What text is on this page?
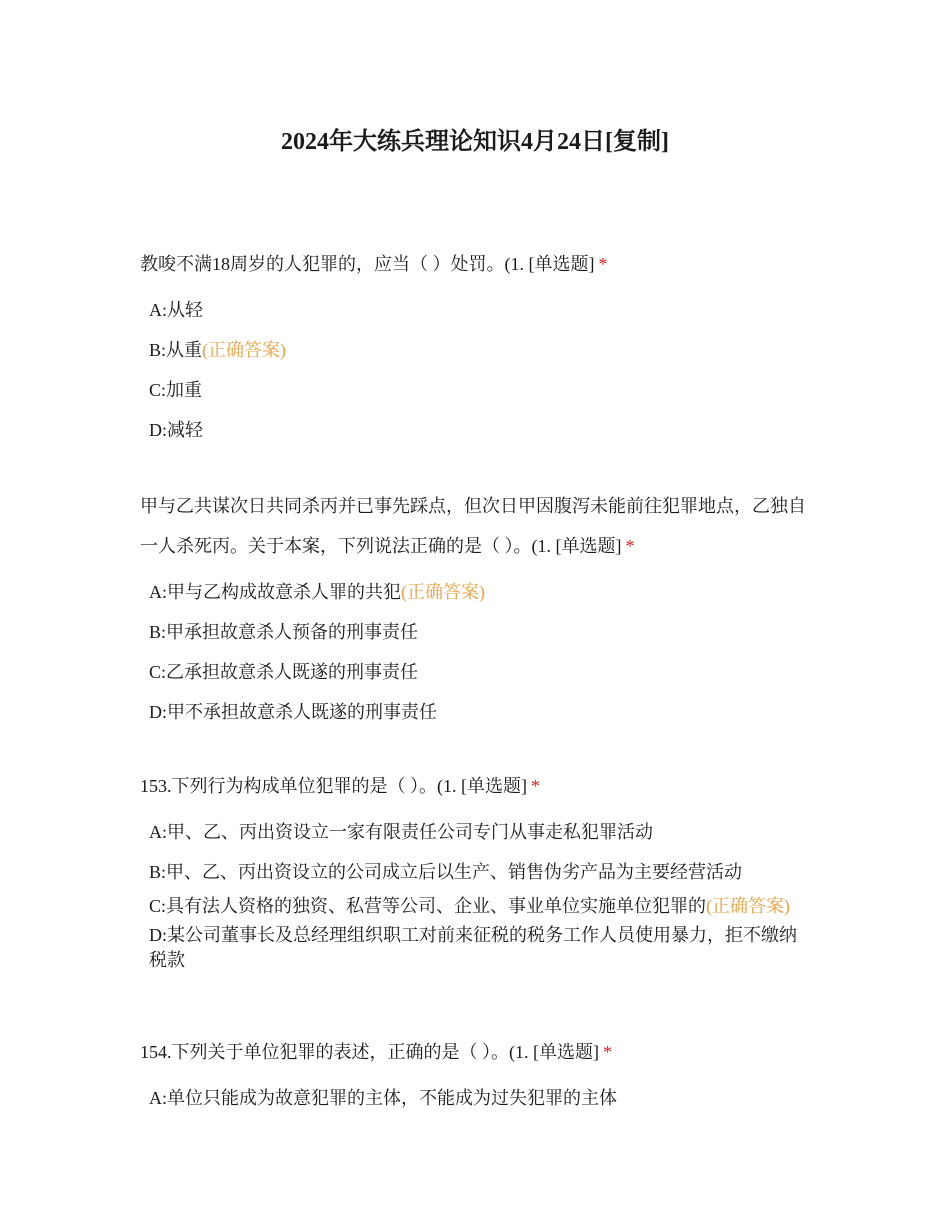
2024年大练兵理论知识4月24日[复制]

教唆不满18周岁的人犯罪的，应当（ ）处罚。(1. [单选题] *

A:从轻
B:从重(正确答案)
C:加重
D:减轻

甲与乙共谋次日共同杀丙并已事先踩点，但次日甲因腹泻未能前往犯罪地点，乙独自一人杀死丙。关于本案，下列说法正确的是（ ）。(1. [单选题] *

A:甲与乙构成故意杀人罪的共犯(正确答案)
B:甲承担故意杀人预备的刑事责任
C:乙承担故意杀人既遂的刑事责任
D:甲不承担故意杀人既遂的刑事责任

153.下列行为构成单位犯罪的是（ ）。(1. [单选题] *

A:甲、乙、丙出资设立一家有限责任公司专门从事走私犯罪活动
B:甲、乙、丙出资设立的公司成立后以生产、销售伪劣产品为主要经营活动
C:具有法人资格的独资、私营等公司、企业、事业单位实施单位犯罪的(正确答案)
D:某公司董事长及总经理组织职工对前来征税的税务工作人员使用暴力，拒不缴纳税款

154.下列关于单位犯罪的表述，正确的是（ ）。(1. [单选题] *

A:单位只能成为故意犯罪的主体，不能成为过失犯罪的主体
